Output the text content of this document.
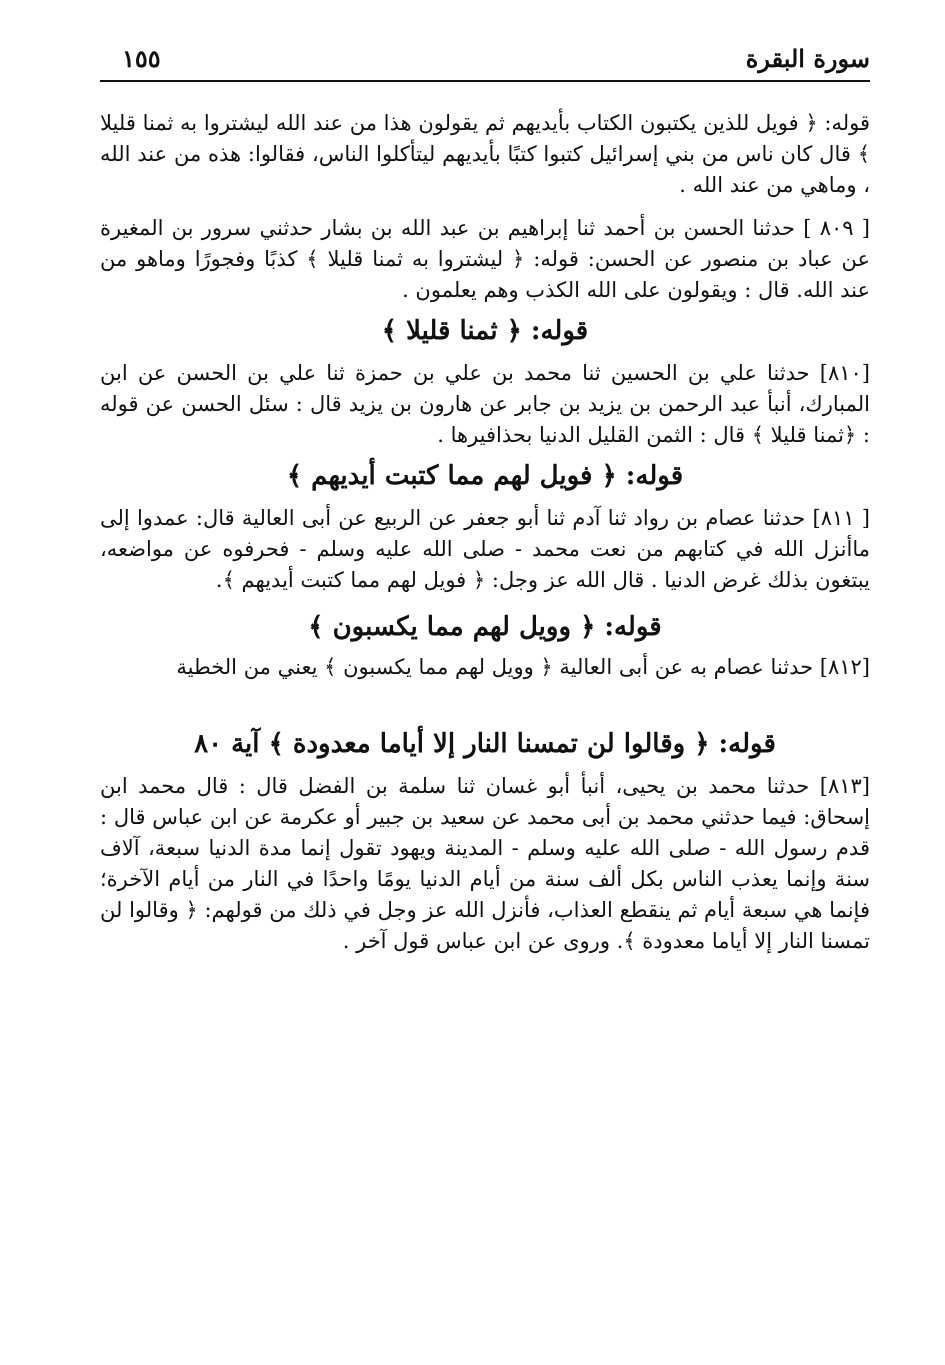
سورة البقرة
١٥٥

قوله: ﴿ فويل للذين يكتبون الكتاب بأيديهم ثم يقولون هذا من عند الله ليشتروا به ثمنا قليلا ﴾ قال كان ناس من بني إسرائيل كتبوا كتبًا بأيديهم ليتأكلوا الناس، فقالوا: هذه من عند الله ، وماهي من عند الله .

[ ٨٠٩ ] حدثنا الحسن بن أحمد ثنا إبراهيم بن عبد الله بن بشار حدثني سرور بن المغيرة عن عباد بن منصور عن الحسن: قوله: ﴿ ليشتروا به ثمنا قليلا ﴾ كذبًا وفجورًا وماهو من عند الله. قال : ويقولون على الله الكذب وهم يعلمون .

قوله: ﴿ ثمنا قليلا ﴾

[٨١٠] حدثنا علي بن الحسين ثنا محمد بن علي بن حمزة ثنا علي بن الحسن عن ابن المبارك، أنبأ عبد الرحمن بن يزيد بن جابر عن هارون بن يزيد قال : سئل الحسن عن قوله : ﴿ثمنا قليلا ﴾ قال : الثمن القليل الدنيا بحذافيرها .

قوله: ﴿ فويل لهم مما كتبت أيديهم ﴾

[ ٨١١] حدثنا عصام بن رواد ثنا آدم ثنا أبو جعفر عن الربيع عن أبى العالية قال: عمدوا إلى ماأنزل الله في كتابهم من نعت محمد - صلى الله عليه وسلم - فحرفوه عن مواضعه، يبتغون بذلك غرض الدنيا . قال الله عز وجل: ﴿ فويل لهم مما كتبت أيديهم ﴾.

قوله: ﴿ وويل لهم مما يكسبون ﴾

[٨١٢] حدثنا عصام به عن أبى العالية ﴿ وويل لهم مما يكسبون ﴾ يعني من الخطية

قوله: ﴿ وقالوا لن تمسنا النار إلا أياما معدودة ﴾ آية ٨٠

[٨١٣] حدثنا محمد بن يحيى، أنبأ أبو غسان ثنا سلمة بن الفضل قال : قال محمد ابن إسحاق: فيما حدثني محمد بن أبى محمد عن سعيد بن جبير أو عكرمة عن ابن عباس قال : قدم رسول الله - صلى الله عليه وسلم - المدينة ويهود تقول إنما مدة الدنيا سبعة، آلاف سنة وإنما يعذب الناس بكل ألف سنة من أيام الدنيا يومًا واحدًا في النار من أيام الآخرة؛ فإنما هي سبعة أيام ثم ينقطع العذاب، فأنزل الله عز وجل في ذلك من قولهم: ﴿ وقالوا لن تمسنا النار إلا أياما معدودة ﴾. وروى عن ابن عباس قول آخر .
